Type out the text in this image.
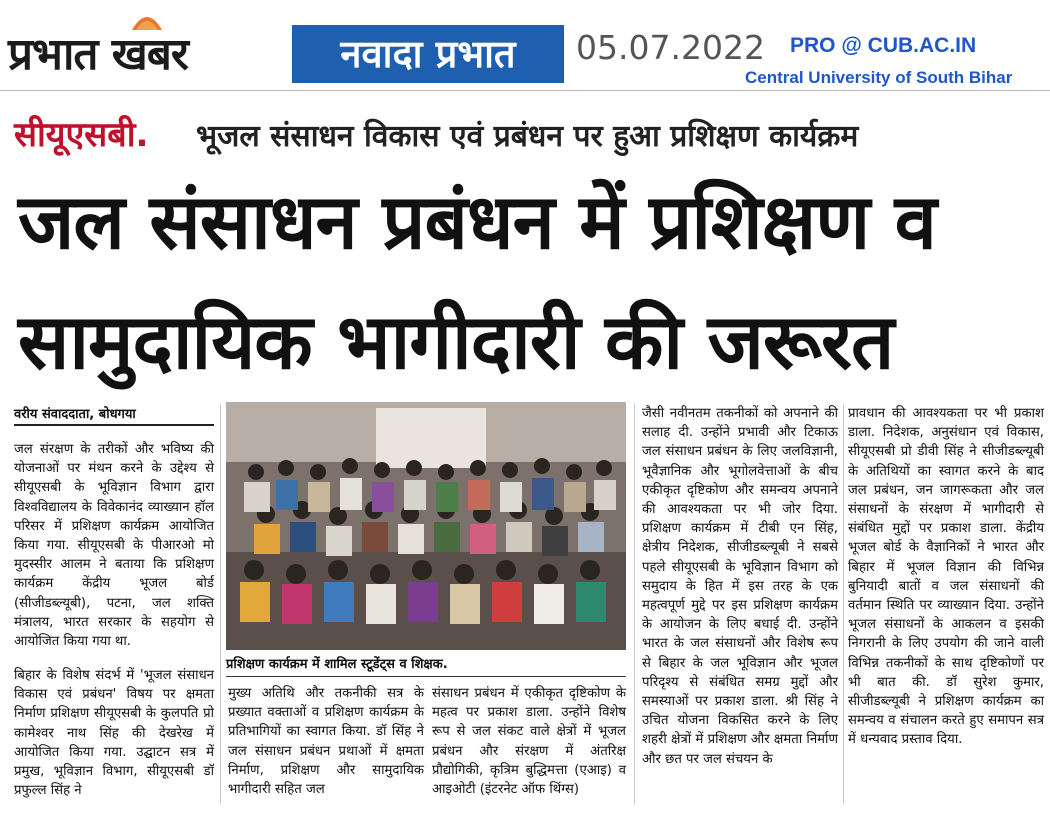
प्रभात खबर	नवादा प्रभात	05.07.2022 PRO @ CUB.AC.IN
Central University of South Bihar
सीयूएसबी. भूजल संसाधन विकास एवं प्रबंधन पर हुआ प्रशिक्षण कार्यक्रम
जल संसाधन प्रबंधन में प्रशिक्षण व
सामुदायिक भागीदारी की जरूरत
वरीय संवाददाता, बोधगया
जल संरक्षण के तरीकों और भविष्य की योजनाओं पर मंथन करने के उद्देश्य से सीयूएसबी के भूविज्ञान विभाग द्वारा विश्वविद्यालय के विवेकानंद व्याख्यान हॉल परिसर में प्रशिक्षण कार्यक्रम आयोजित किया गया. सीयूएसबी के पीआरओ मो मुदस्सीर आलम ने बताया कि प्रशिक्षण कार्यक्रम केंद्रीय भूजल बोर्ड (सीजीडब्ल्यूबी), पटना, जल शक्ति मंत्रालय, भारत सरकार के सहयोग से आयोजित किया गया था.
बिहार के विशेष संदर्भ में 'भूजल संसाधन विकास एवं प्रबंधन' विषय पर क्षमता निर्माण प्रशिक्षण सीयूएसबी के कुलपति प्रो कामेश्वर नाथ सिंह की देखरेख में आयोजित किया गया. उद्घाटन सत्र में प्रमुख, भूविज्ञान विभाग, सीयूएसबी डॉ प्रफुल्ल सिंह ने
प्रशिक्षण कार्यक्रम में शामिल स्टूडेंट्स व शिक्षक.
मुख्य अतिथि और तकनीकी सत्र के प्रख्यात वक्ताओं व प्रशिक्षण कार्यक्रम के प्रतिभागियों का स्वागत किया. डॉ सिंह ने जल संसाधन प्रबंधन प्रथाओं में क्षमता निर्माण, प्रशिक्षण और सामुदायिक भागीदारी सहित जल
संसाधन प्रबंधन में एकीकृत दृष्टिकोण के महत्व पर प्रकाश डाला. उन्होंने विशेष रूप से जल संकट वाले क्षेत्रों में भूजल प्रबंधन और संरक्षण में अंतरिक्ष प्रौद्योगिकी, कृत्रिम बुद्धिमत्ता (एआइ) व आइओटी (इंटरनेट ऑफ थिंग्स)
जैसी नवीनतम तकनीकों को अपनाने की सलाह दी. उन्होंने प्रभावी और टिकाऊ जल संसाधन प्रबंधन के लिए जलविज्ञानी, भूवैज्ञानिक और भूगोलवेत्ताओं के बीच एकीकृत दृष्टिकोण और समन्वय अपनाने की आवश्यकता पर भी जोर दिया. प्रशिक्षण कार्यक्रम में टीबी एन सिंह, क्षेत्रीय निदेशक, सीजीडब्ल्यूबी ने सबसे पहले सीयूएसबी के भूविज्ञान विभाग को समुदाय के हित में इस तरह के एक महत्वपूर्ण मुद्दे पर इस प्रशिक्षण कार्यक्रम के आयोजन के लिए बधाई दी. उन्होंने भारत के जल संसाधनों और विशेष रूप से बिहार के जल भूविज्ञान और भूजल परिदृश्य से संबंधित समग्र मुद्दों और समस्याओं पर प्रकाश डाला. श्री सिंह ने उचित योजना विकसित करने के लिए शहरी क्षेत्रों में प्रशिक्षण और क्षमता निर्माण और छत पर जल संचयन के
प्रावधान की आवश्यकता पर भी प्रकाश डाला. निदेशक, अनुसंधान एवं विकास, सीयूएसबी प्रो डीवी सिंह ने सीजीडब्ल्यूबी के अतिथियों का स्वागत करने के बाद जल प्रबंधन, जन जागरूकता और जल संसाधनों के संरक्षण में भागीदारी से संबंधित मुद्दों पर प्रकाश डाला. केंद्रीय भूजल बोर्ड के वैज्ञानिकों ने भारत और बिहार में भूजल विज्ञान की विभिन्न बुनियादी बातों व जल संसाधनों की वर्तमान स्थिति पर व्याख्यान दिया. उन्होंने भूजल संसाधनों के आकलन व इसकी निगरानी के लिए उपयोग की जाने वाली विभिन्न तकनीकों के साथ दृष्टिकोणों पर भी बात की. डॉ सुरेश कुमार, सीजीडब्ल्यूबी ने प्रशिक्षण कार्यक्रम का समन्वय व संचालन करते हुए समापन सत्र में धन्यवाद प्रस्ताव दिया.
